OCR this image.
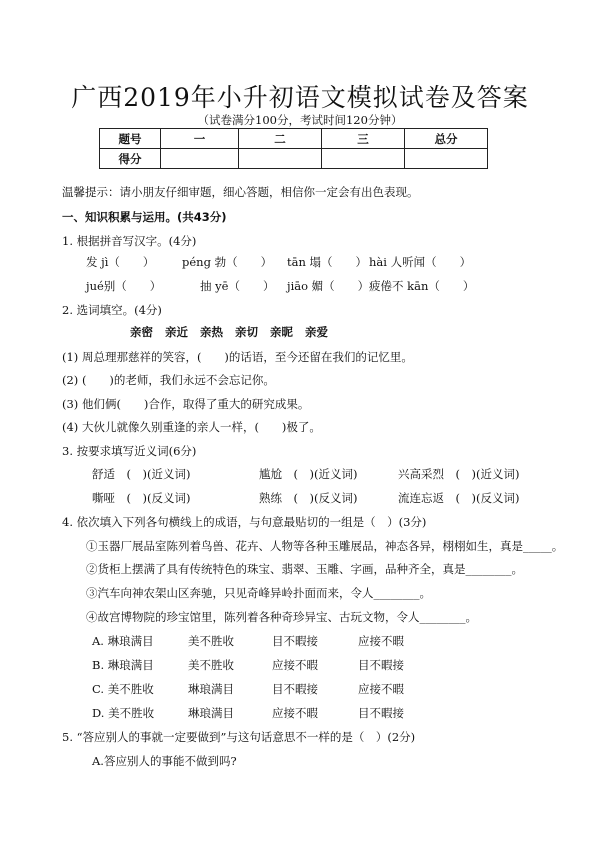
广西2019年小升初语文模拟试卷及答案
（试卷满分100分，考试时间120分钟）
题号	一	二	三	总分
得分				
温馨提示：请小朋友仔细审题，细心答题，相信你一定会有出色表现。
一、知识积累与运用。(共43分)
1. 根据拼音写汉字。(4分)
发 jì（　　） péng 勃（　　） tān 塌（　　） hài 人听闻（　　）
jué别（　　）	抽 yē（　　） jiāo 媚（　　） 疲倦不 kān（　　）
2. 选词填空。(4分)
亲密 亲近 亲热 亲切 亲昵 亲爱
(1) 周总理那慈祥的笑容，(　　)的话语，至今还留在我们的记忆里。
(2) (　　)的老师，我们永远不会忘记你。
(3) 他们俩(　　)合作，取得了重大的研究成果。
(4) 大伙儿就像久别重逢的亲人一样，(　　)极了。
3. 按要求填写近义词(6分)
舒适　(　)(近义词)	尴尬　(　)(近义词)	兴高采烈　(　)(近义词)
嘶哑　(　)(反义词)	熟练　(　)(反义词)	流连忘返　(　)(反义词)
4. 依次填入下列各句横线上的成语，与句意最贴切的一组是（　）(3分)
①玉器厂展品室陈列着鸟兽、花卉、人物等各种玉雕展品，神态各异，栩栩如生，真是_____。
②货柜上摆满了具有传统特色的珠宝、翡翠、玉雕、字画，品种齐全，真是________。
③汽车向神农架山区奔驰，只见奇峰异岭扑面而来，令人________。
④故宫博物院的珍宝馆里，陈列着各种奇珍异宝、古玩文物，令人________。
A. 琳琅满目	美不胜收	目不暇接	应接不暇
B. 琳琅满目	美不胜收	应接不暇	目不暇接
C. 美不胜收	琳琅满目	目不暇接	应接不暇
D. 美不胜收	琳琅满目	应接不暇	目不暇接
5. “答应别人的事就一定要做到”与这句话意思不一样的是（　）(2分)
A.答应别人的事能不做到吗?
